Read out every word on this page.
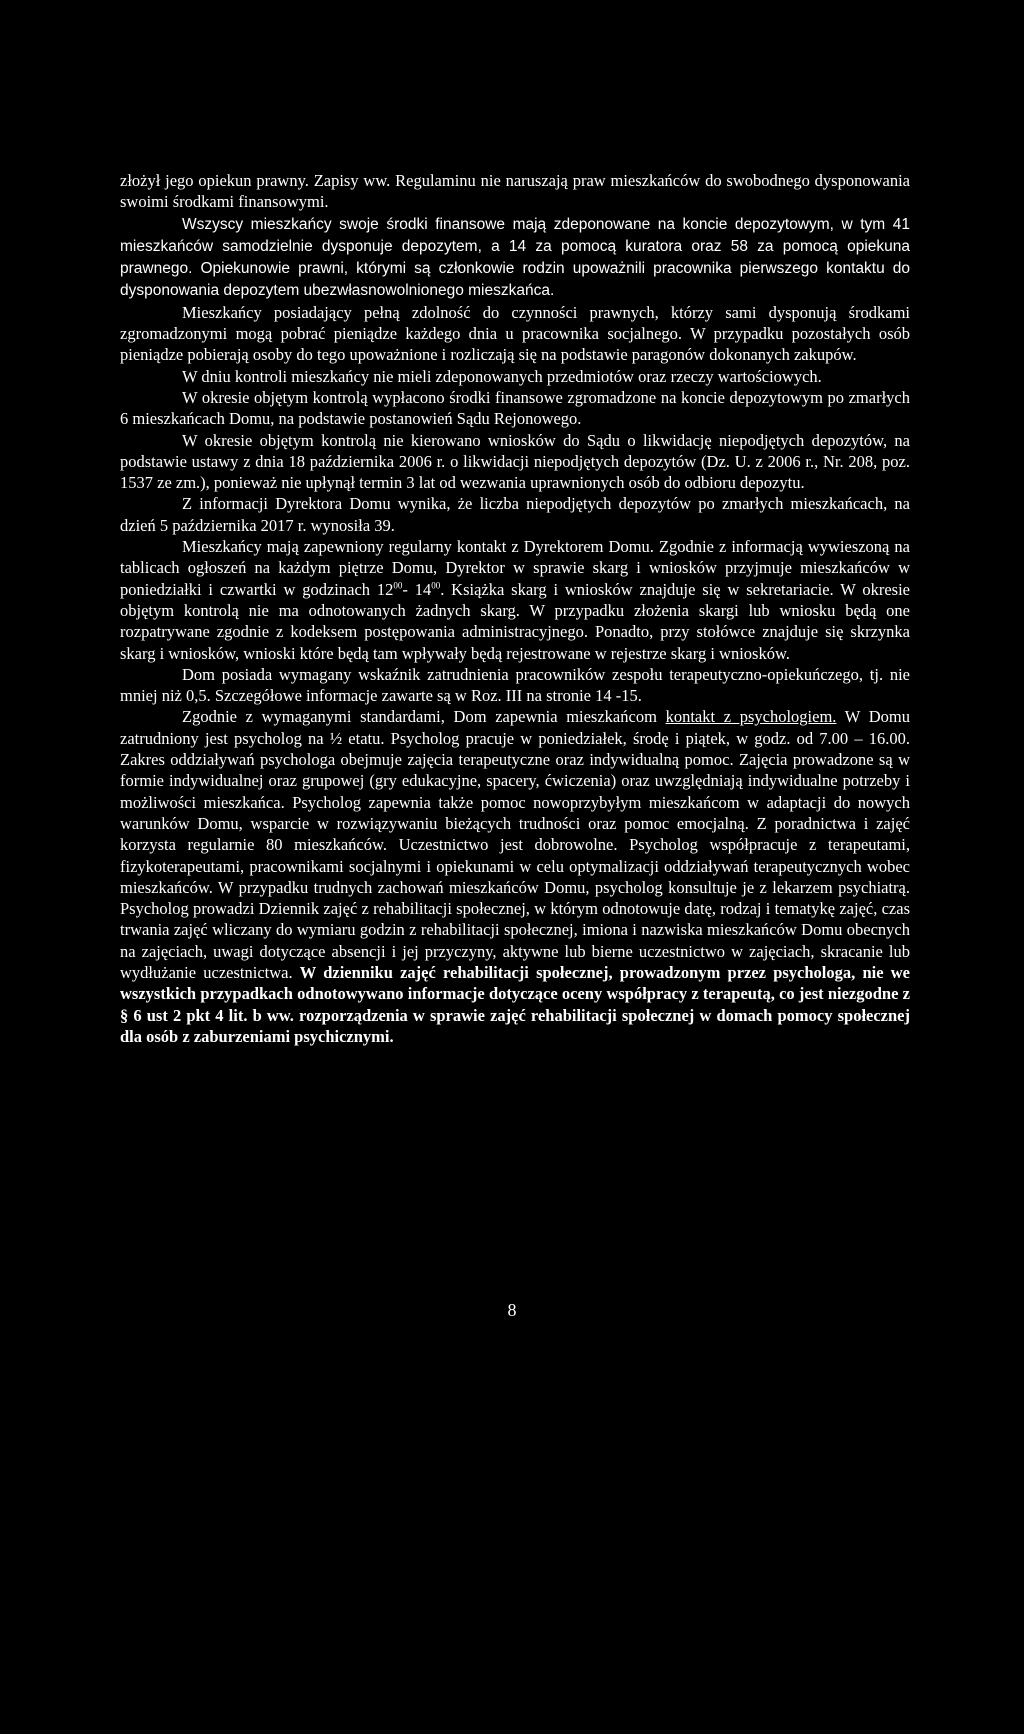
złożył jego opiekun prawny. Zapisy ww. Regulaminu nie naruszają praw mieszkańców do swobodnego dysponowania swoimi środkami finansowymi.

Wszyscy mieszkańcy swoje środki finansowe mają zdeponowane na koncie depozytowym, w tym 41 mieszkańców samodzielnie dysponuje depozytem, a 14 za pomocą kuratora oraz 58 za pomocą opiekuna prawnego. Opiekunowie prawni, którymi są członkowie rodzin upoważnili pracownika pierwszego kontaktu do dysponowania depozytem ubezwłasnowolnionego mieszkańca.

Mieszkańcy posiadający pełną zdolność do czynności prawnych, którzy sami dysponują środkami zgromadzonymi mogą pobrać pieniądze każdego dnia u pracownika socjalnego. W przypadku pozostałych osób pieniądze pobierają osoby do tego upoważnione i rozliczają się na podstawie paragonów dokonanych zakupów.

W dniu kontroli mieszkańcy nie mieli zdeponowanych przedmiotów oraz rzeczy wartościowych.

W okresie objętym kontrolą wypłacono środki finansowe zgromadzone na koncie depozytowym po zmarłych 6 mieszkańcach Domu, na podstawie postanowień Sądu Rejonowego.

W okresie objętym kontrolą nie kierowano wniosków do Sądu o likwidację niepodjętych depozytów, na podstawie ustawy z dnia 18 października 2006 r. o likwidacji niepodjętych depozytów (Dz. U. z 2006 r., Nr. 208, poz. 1537 ze zm.), ponieważ nie upłynął termin 3 lat od wezwania uprawnionych osób do odbioru depozytu.

Z informacji Dyrektora Domu wynika, że liczba niepodjętych depozytów po zmarłych mieszkańcach, na dzień 5 października 2017 r. wynosiła 39.

Mieszkańcy mają zapewniony regularny kontakt z Dyrektorem Domu. Zgodnie z informacją wywieszoną na tablicach ogłoszeń na każdym piętrze Domu, Dyrektor w sprawie skarg i wniosków przyjmuje mieszkańców w poniedziałki i czwartki w godzinach $12^{00}-$ $14^{00}$. Książka skarg i wniosków znajduje się w sekretariacie. W okresie objętym kontrolą nie ma odnotowanych żadnych skarg. W przypadku złożenia skargi lub wniosku będą one rozpatrywane zgodnie z kodeksem postępowania administracyjnego. Ponadto, przy stołówce znajduje się skrzynka skarg i wniosków, wnioski które będą tam wpływały będą rejestrowane w rejestrze skarg i wniosków.

Dom posiada wymagany wskaźnik zatrudnienia pracowników zespołu terapeutyczno-opiekuńczego, tj. nie mniej niż 0,5. Szczegółowe informacje zawarte są w Roz. III na stronie 14 -15.

Zgodnie z wymaganymi standardami, Dom zapewnia mieszkańcom kontakt z psychologiem. W Domu zatrudniony jest psycholog na ½ etatu. Psycholog pracuje w poniedziałek, środę i piątek, w godz. od 7.00 – 16.00. Zakres oddziaływań psychologa obejmuje zajęcia terapeutyczne oraz indywidualną pomoc. Zajęcia prowadzone są w formie indywidualnej oraz grupowej (gry edukacyjne, spacery, ćwiczenia) oraz uwzględniają indywidualne potrzeby i możliwości mieszkańca. Psycholog zapewnia także pomoc nowoprzybyłym mieszkańcom w adaptacji do nowych warunków Domu, wsparcie w rozwiązywaniu bieżących trudności oraz pomoc emocjalną. Z poradnictwa i zajęć korzysta regularnie 80 mieszkańców. Uczestnictwo jest dobrowolne. Psycholog współpracuje z terapeutami, fizykoterapeutami, pracownikami socjalnymi i opiekunami w celu optymalizacji oddziaływań terapeutycznych wobec mieszkańców. W przypadku trudnych zachowań mieszkańców Domu, psycholog konsultuje je z lekarzem psychiatrą. Psycholog prowadzi Dziennik zajęć z rehabilitacji społecznej, w którym odnotowuje datę, rodzaj i tematykę zajęć, czas trwania zajęć wliczany do wymiaru godzin z rehabilitacji społecznej, imiona i nazwiska mieszkańców Domu obecnych na zajęciach, uwagi dotyczące absencji i jej przyczyny, aktywne lub bierne uczestnictwo w zajęciach, skracanie lub wydłużanie uczestnictwa. W dzienniku zajęć rehabilitacji społecznej, prowadzonym przez psychologa, nie we wszystkich przypadkach odnotowywano informacje dotyczące oceny współpracy z terapeutą, co jest niezgodne z § 6 ust 2 pkt 4 lit. b ww. rozporządzenia w sprawie zajęć rehabilitacji społecznej w domach pomocy społecznej dla osób z zaburzeniami psychicznymi.

8
